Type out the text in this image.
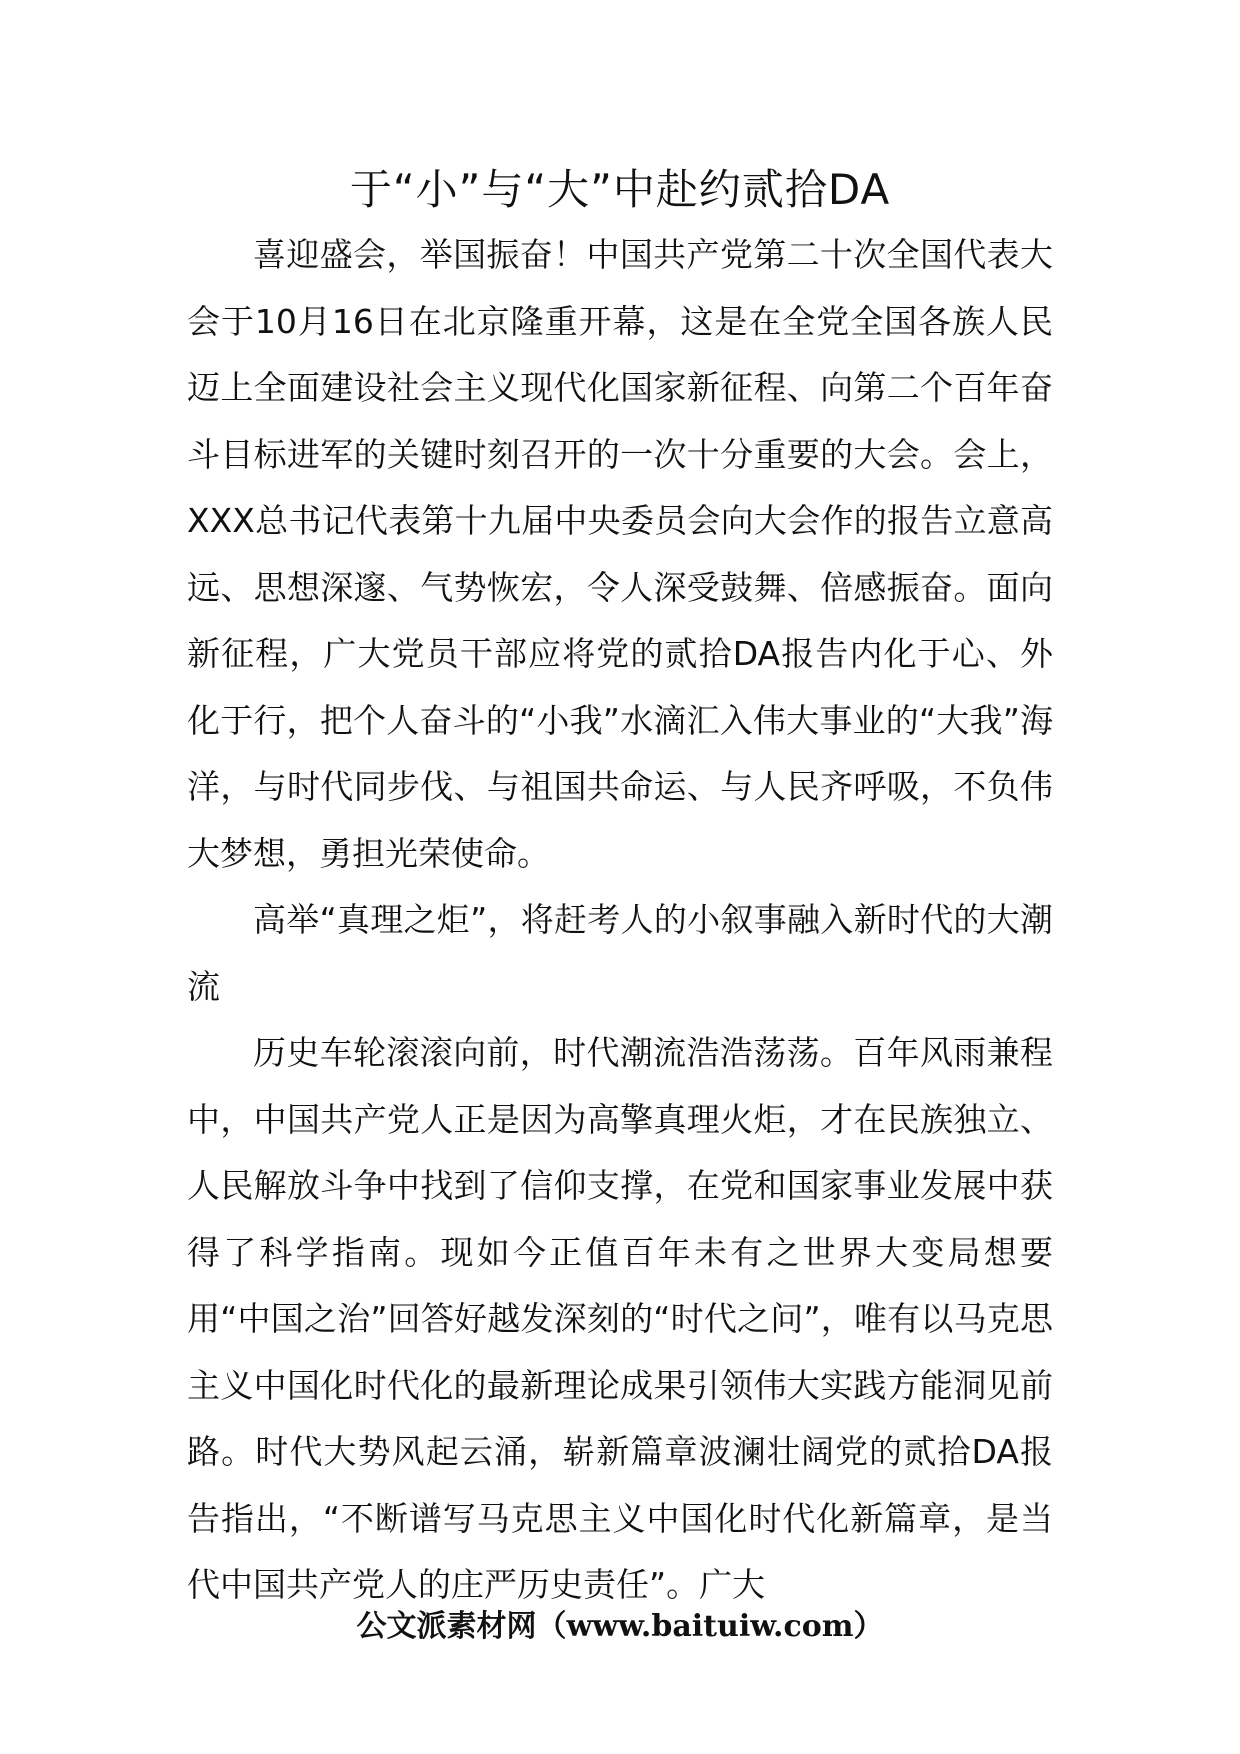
于“小”与“大”中赴约贰拾DA

喜迎盛会，举国振奋！中国共产党第二十次全国代表大会于10月16日在北京隆重开幕，这是在全党全国各族人民迈上全面建设社会主义现代化国家新征程、向第二个百年奋斗目标进军的关键时刻召开的一次十分重要的大会。会上，XXX总书记代表第十九届中央委员会向大会作的报告立意高远、思想深邃、气势恢宏，令人深受鼓舞、倍感振奋。面向新征程，广大党员干部应将党的贰拾DA报告内化于心、外化于行，把个人奋斗的“小我”水滴汇入伟大事业的“大我”海洋，与时代同步伐、与祖国共命运、与人民齐呼吸，不负伟大梦想，勇担光荣使命。

高举“真理之炬”，将赶考人的小叙事融入新时代的大潮流

历史车轮滚滚向前，时代潮流浩浩荡荡。百年风雨兼程中，中国共产党人正是因为高擎真理火炬，才在民族独立、人民解放斗争中找到了信仰支撑，在党和国家事业发展中获得了科学指南。现如今正值百年未有之世界大变局想要用“中国之治”回答好越发深刻的“时代之问”，唯有以马克思主义中国化时代化的最新理论成果引领伟大实践方能洞见前路。时代大势风起云涌，崭新篇章波澜壮阔党的贰拾DA报告指出，“不断谱写马克思主义中国化时代化新篇章，是当代中国共产党人的庄严历史责任”。广大

公文派素材网（www.baituiw.com）
